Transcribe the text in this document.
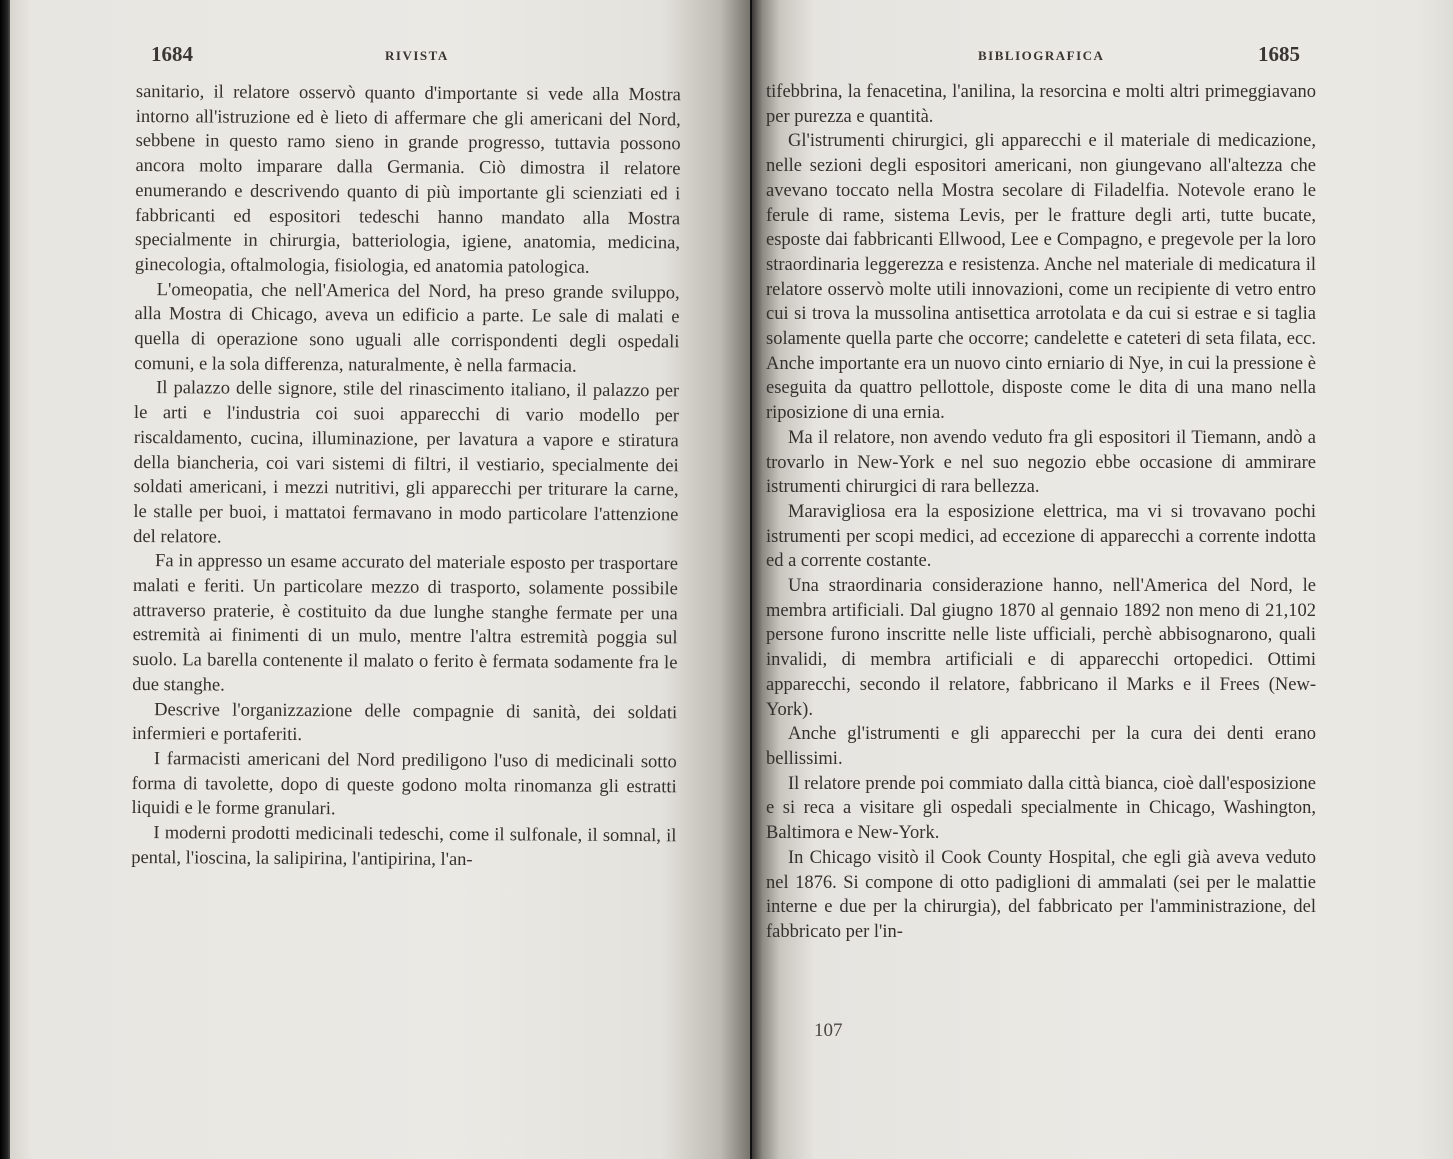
1684	RIVISTA

sanitario, il relatore osservò quanto d'importante si vede alla Mostra intorno all'istruzione ed è lieto di affermare che gli americani del Nord, sebbene in questo ramo sieno in grande progresso, tuttavia possono ancora molto imparare dalla Germania. Ciò dimostra il relatore enumerando e descrivendo quanto di più importante gli scienziati ed i fabbricanti ed espositori tedeschi hanno mandato alla Mostra specialmente in chirurgia, batteriologia, igiene, anatomia, medicina, ginecologia, oftalmologia, fisiologia, ed anatomia patologica.

L'omeopatia, che nell'America del Nord, ha preso grande sviluppo, alla Mostra di Chicago, aveva un edificio a parte. Le sale di malati e quella di operazione sono uguali alle corrispondenti degli ospedali comuni, e la sola differenza, naturalmente, è nella farmacia.

Il palazzo delle signore, stile del rinascimento italiano, il palazzo per le arti e l'industria coi suoi apparecchi di vario modello per riscaldamento, cucina, illuminazione, per lavatura a vapore e stiratura della biancheria, coi vari sistemi di filtri, il vestiario, specialmente dei soldati americani, i mezzi nutritivi, gli apparecchi per triturare la carne, le stalle per buoi, i mattatoi fermavano in modo particolare l'attenzione del relatore.

Fa in appresso un esame accurato del materiale esposto per trasportare malati e feriti. Un particolare mezzo di trasporto, solamente possibile attraverso praterie, è costituito da due lunghe stanghe fermate per una estremità ai finimenti di un mulo, mentre l'altra estremità poggia sul suolo. La barella contenente il malato o ferito è fermata sodamente fra le due stanghe.

Descrive l'organizzazione delle compagnie di sanità, dei soldati infermieri e portaferiti.

I farmacisti americani del Nord prediligono l'uso di medicinali sotto forma di tavolette, dopo di queste godono molta rinomanza gli estratti liquidi e le forme granulari.

I moderni prodotti medicinali tedeschi, come il sulfonale, il somnal, il pental, l'ioscina, la salipirina, l'antipirina, l'an-

BIBLIOGRAFICA	1685

tifebbrina, la fenacetina, l'anilina, la resorcina e molti altri primeggiavano per purezza e quantità.

Gl'istrumenti chirurgici, gli apparecchi e il materiale di medicazione, nelle sezioni degli espositori americani, non giungevano all'altezza che avevano toccato nella Mostra secolare di Filadelfia. Notevole erano le ferule di rame, sistema Levis, per le fratture degli arti, tutte bucate, esposte dai fabbricanti Ellwood, Lee e Compagno, e pregevole per la loro straordinaria leggerezza e resistenza. Anche nel materiale di medicatura il relatore osservò molte utili innovazioni, come un recipiente di vetro entro cui si trova la mussolina antisettica arrotolata e da cui si estrae e si taglia solamente quella parte che occorre; candelette e cateteri di seta filata, ecc. Anche importante era un nuovo cinto erniario di Nye, in cui la pressione è eseguita da quattro pellottole, disposte come le dita di una mano nella riposizione di una ernia.

Ma il relatore, non avendo veduto fra gli espositori il Tiemann, andò a trovarlo in New-York e nel suo negozio ebbe occasione di ammirare istrumenti chirurgici di rara bellezza.

Maravigliosa era la esposizione elettrica, ma vi si trovavano pochi istrumenti per scopi medici, ad eccezione di apparecchi a corrente indotta ed a corrente costante.

Una straordinaria considerazione hanno, nell'America del Nord, le membra artificiali. Dal giugno 1870 al gennaio 1892 non meno di 21,102 persone furono inscritte nelle liste ufficiali, perchè abbisognarono, quali invalidi, di membra artificiali e di apparecchi ortopedici. Ottimi apparecchi, secondo il relatore, fabbricano il Marks e il Frees (New-York).

Anche gl'istrumenti e gli apparecchi per la cura dei denti erano bellissimi.

Il relatore prende poi commiato dalla città bianca, cioè dall'esposizione e si reca a visitare gli ospedali specialmente in Chicago, Washington, Baltimora e New-York.

In Chicago visitò il Cook County Hospital, che egli già aveva veduto nel 1876. Si compone di otto padiglioni di ammalati (sei per le malattie interne e due per la chirurgia), del fabbricato per l'amministrazione, del fabbricato per l'in-

107
